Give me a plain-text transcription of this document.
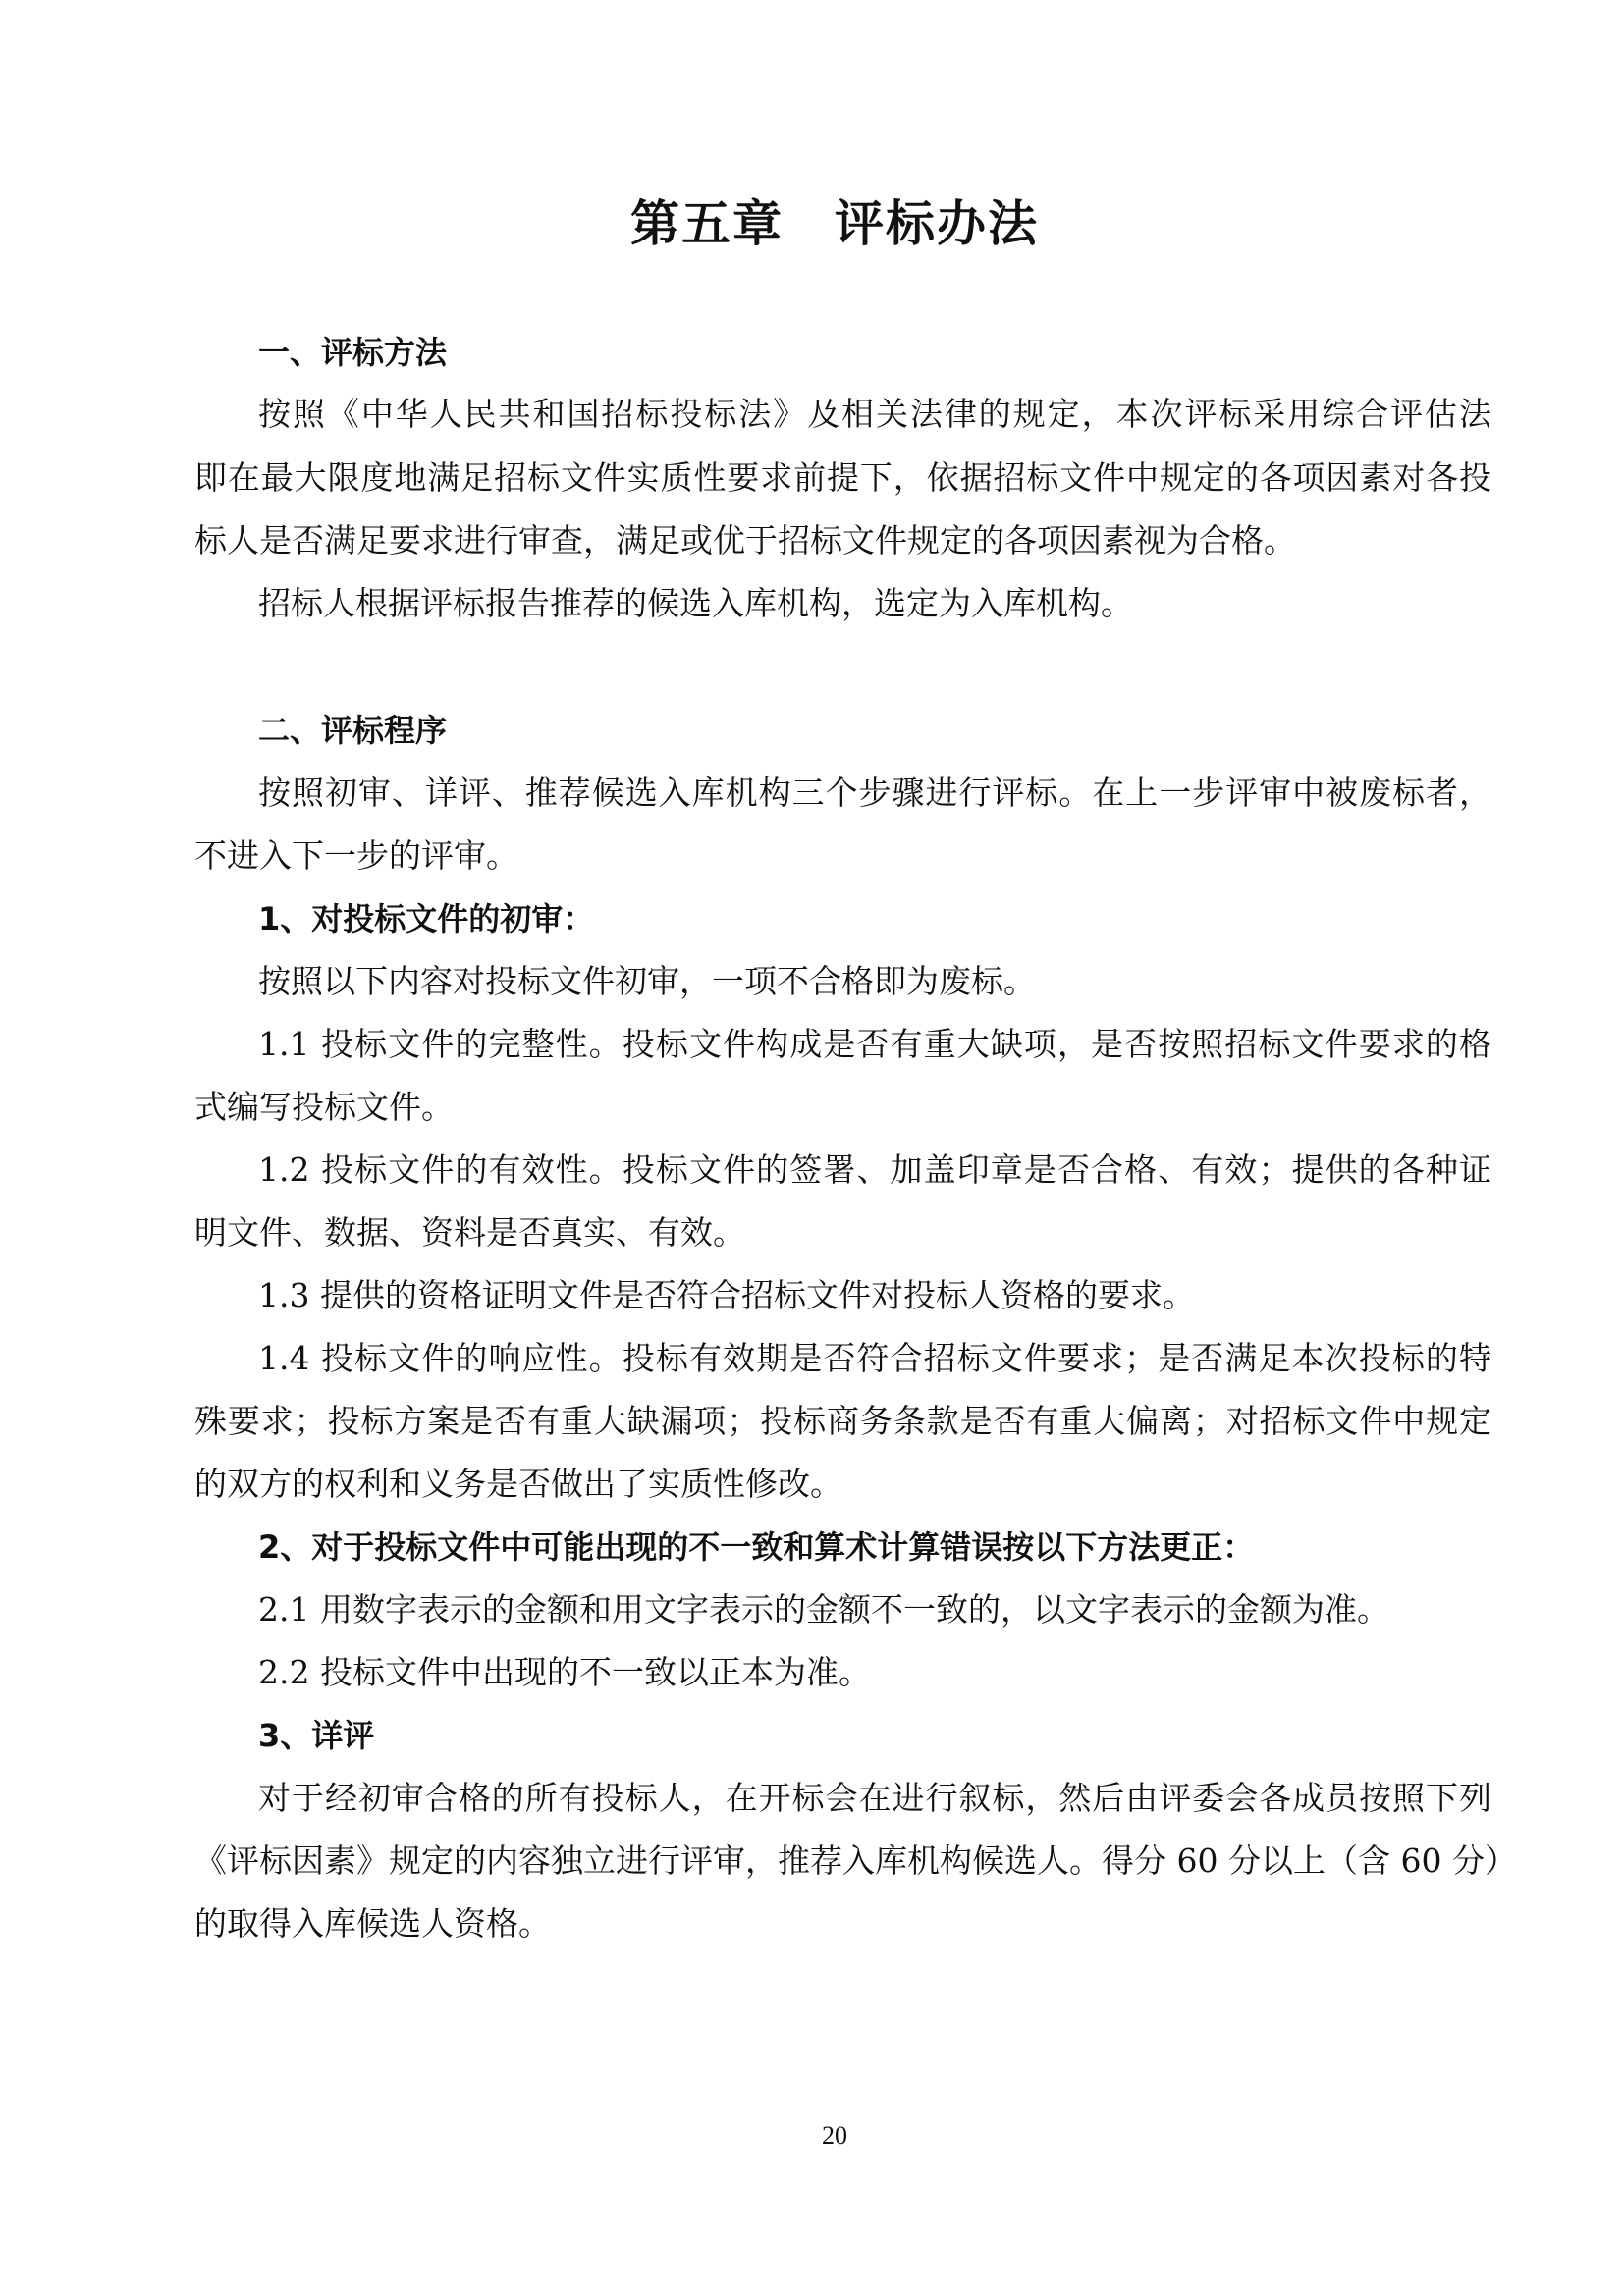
第五章　评标办法
一、评标方法
按照《中华人民共和国招标投标法》及相关法律的规定，本次评标采用综合评估法
即在最大限度地满足招标文件实质性要求前提下，依据招标文件中规定的各项因素对各投
标人是否满足要求进行审查，满足或优于招标文件规定的各项因素视为合格。
招标人根据评标报告推荐的候选入库机构，选定为入库机构。
二、评标程序
按照初审、详评、推荐候选入库机构三个步骤进行评标。在上一步评审中被废标者，
不进入下一步的评审。
1、对投标文件的初审：
按照以下内容对投标文件初审，一项不合格即为废标。
1.1 投标文件的完整性。投标文件构成是否有重大缺项，是否按照招标文件要求的格
式编写投标文件。
1.2 投标文件的有效性。投标文件的签署、加盖印章是否合格、有效；提供的各种证
明文件、数据、资料是否真实、有效。
1.3 提供的资格证明文件是否符合招标文件对投标人资格的要求。
1.4 投标文件的响应性。投标有效期是否符合招标文件要求；是否满足本次投标的特
殊要求；投标方案是否有重大缺漏项；投标商务条款是否有重大偏离；对招标文件中规定
的双方的权利和义务是否做出了实质性修改。
2、对于投标文件中可能出现的不一致和算术计算错误按以下方法更正：
2.1 用数字表示的金额和用文字表示的金额不一致的，以文字表示的金额为准。
2.2 投标文件中出现的不一致以正本为准。
3、详评
对于经初审合格的所有投标人，在开标会在进行叙标，然后由评委会各成员按照下列
《评标因素》规定的内容独立进行评审，推荐入库机构候选人。得分 60 分以上（含 60 分）
的取得入库候选人资格。
20
